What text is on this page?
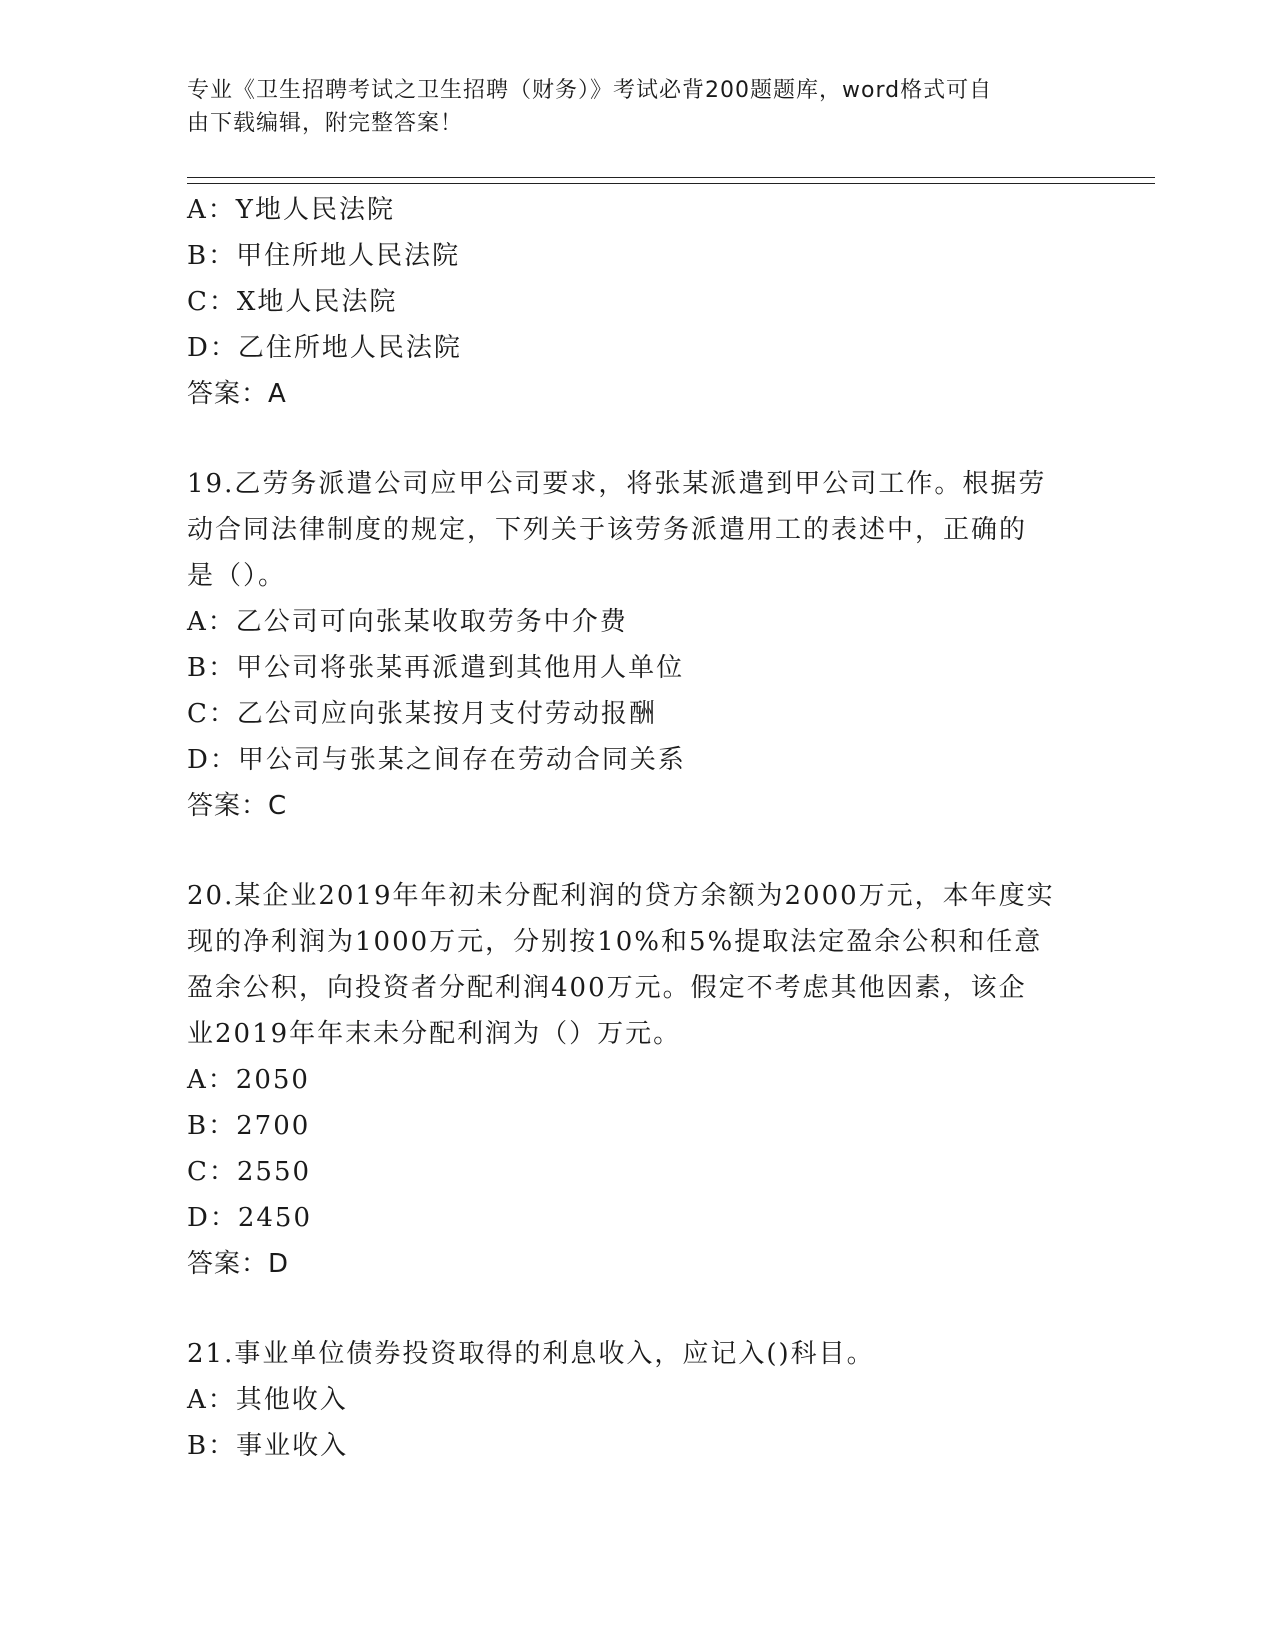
专业《卫生招聘考试之卫生招聘（财务）》考试必背200题题库，word格式可自
由下载编辑，附完整答案！
A：Y地人民法院
B：甲住所地人民法院
C：X地人民法院
D：乙住所地人民法院
答案：A
19.乙劳务派遣公司应甲公司要求，将张某派遣到甲公司工作。根据劳
动合同法律制度的规定，下列关于该劳务派遣用工的表述中，正确的
是（）。
A：乙公司可向张某收取劳务中介费
B：甲公司将张某再派遣到其他用人单位
C：乙公司应向张某按月支付劳动报酬
D：甲公司与张某之间存在劳动合同关系
答案：C
20.某企业2019年年初未分配利润的贷方余额为2000万元，本年度实
现的净利润为1000万元，分别按10%和5%提取法定盈余公积和任意
盈余公积，向投资者分配利润400万元。假定不考虑其他因素，该企
业2019年年末未分配利润为（）万元。
A：2050
B：2700
C：2550
D：2450
答案：D
21.事业单位债券投资取得的利息收入，应记入()科目。
A：其他收入
B：事业收入
